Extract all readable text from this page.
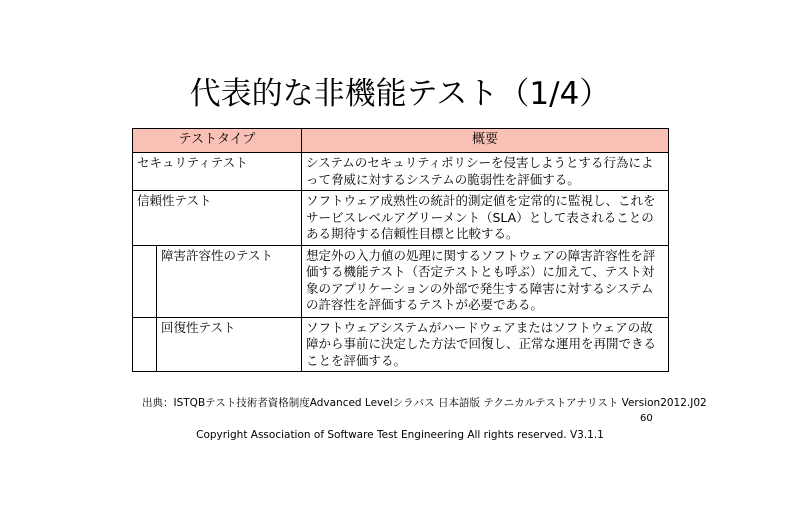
代表的な非機能テスト（1/4）
テストタイプ		概要
セキュリティテスト		システムのセキュリティポリシーを侵害しようとする行為によって脅威に対するシステムの脆弱性を評価する。
信頼性テスト		ソフトウェア成熟性の統計的測定値を定常的に監視し、これをサービスレベルアグリーメント（SLA）として表されることのある期待する信頼性目標と比較する。
	障害許容性のテスト	想定外の入力値の処理に関するソフトウェアの障害許容性を評価する機能テスト（否定テストとも呼ぶ）に加えて、テスト対象のアプリケーションの外部で発生する障害に対するシステムの許容性を評価するテストが必要である。
	回復性テスト	ソフトウェアシステムがハードウェアまたはソフトウェアの故障から事前に決定した方法で回復し、正常な運用を再開できることを評価する。
出典：ISTQBテスト技術者資格制度Advanced Levelシラバス 日本語版 テクニカルテストアナリスト Version2012.J02
60
Copyright Association of Software Test Engineering All rights reserved. V3.1.1
